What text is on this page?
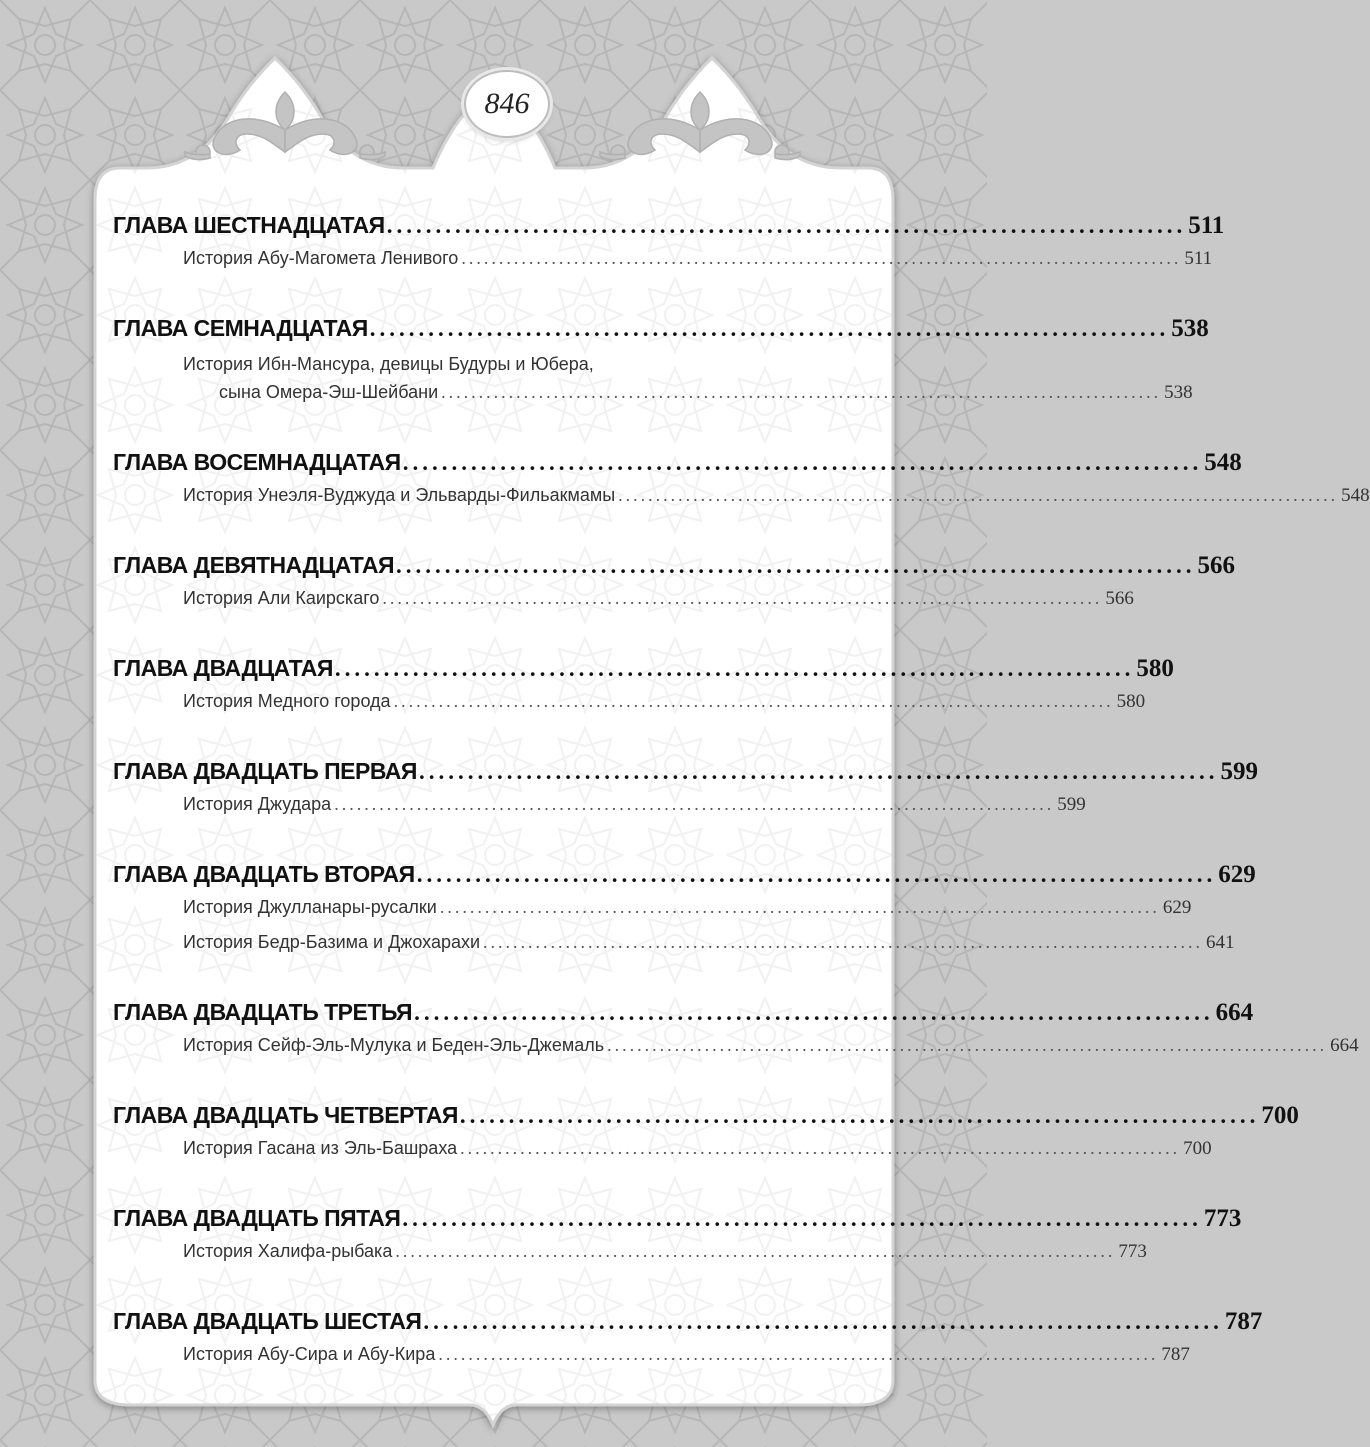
846
ГЛАВА ШЕСТНАДЦАТАЯ .................................................................................. 511
История Абу-Магомета Ленивого ................................................................................................ 511
ГЛАВА СЕМНАДЦАТАЯ .................................................................................. 538
История Ибн-Мансура, девицы Будуры и Юбера,
сына Омера-Эш-Шейбани ................................................................................................ 538
ГЛАВА ВОСЕМНАДЦАТАЯ .................................................................................. 548
История Унеэля-Вуджуда и Эльварды-Фильакмамы ................................................................................................ 548
ГЛАВА ДЕВЯТНАДЦАТАЯ .................................................................................. 566
История Али Каирскаго ................................................................................................ 566
ГЛАВА ДВАДЦАТАЯ .................................................................................. 580
История Медного города ................................................................................................ 580
ГЛАВА ДВАДЦАТЬ ПЕРВАЯ .................................................................................. 599
История Джудара ................................................................................................ 599
ГЛАВА ДВАДЦАТЬ ВТОРАЯ .................................................................................. 629
История Джулланары-русалки ................................................................................................ 629
История Бедр-Базима и Джохарахи ................................................................................................ 641
ГЛАВА ДВАДЦАТЬ ТРЕТЬЯ .................................................................................. 664
История Сейф-Эль-Мулука и Беден-Эль-Джемаль ................................................................................................ 664
ГЛАВА ДВАДЦАТЬ ЧЕТВЕРТАЯ .................................................................................. 700
История Гасана из Эль-Башраха ................................................................................................ 700
ГЛАВА ДВАДЦАТЬ ПЯТАЯ .................................................................................. 773
История Халифа-рыбака ................................................................................................ 773
ГЛАВА ДВАДЦАТЬ ШЕСТАЯ .................................................................................. 787
История Абу-Сира и Абу-Кира ................................................................................................ 787
